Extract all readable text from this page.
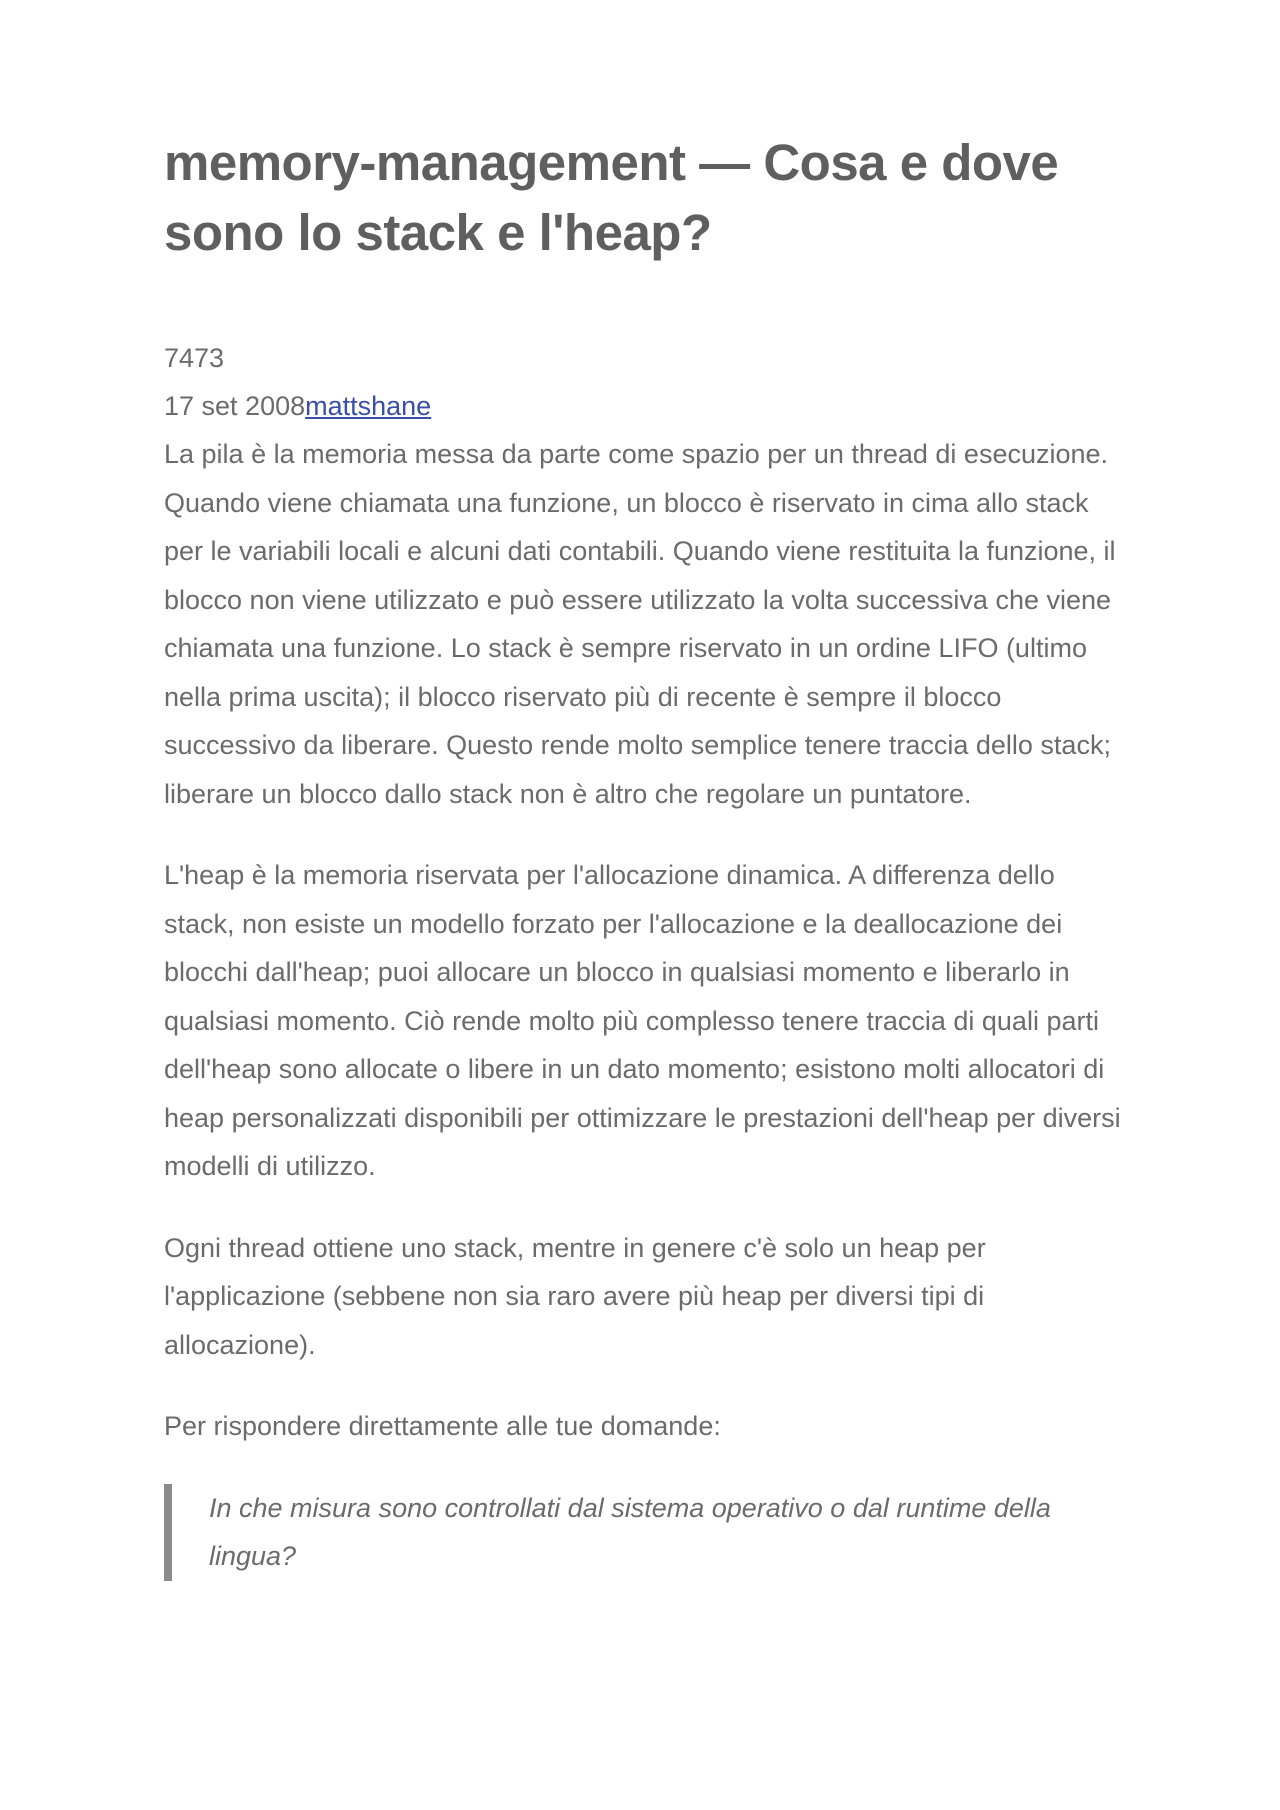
memory-management — Cosa e dove sono lo stack e l'heap?
7473
17 set 2008mattshane

La pila è la memoria messa da parte come spazio per un thread di esecuzione. Quando viene chiamata una funzione, un blocco è riservato in cima allo stack per le variabili locali e alcuni dati contabili. Quando viene restituita la funzione, il blocco non viene utilizzato e può essere utilizzato la volta successiva che viene chiamata una funzione. Lo stack è sempre riservato in un ordine LIFO (ultimo nella prima uscita); il blocco riservato più di recente è sempre il blocco successivo da liberare. Questo rende molto semplice tenere traccia dello stack; liberare un blocco dallo stack non è altro che regolare un puntatore.

L'heap è la memoria riservata per l'allocazione dinamica. A differenza dello stack, non esiste un modello forzato per l'allocazione e la deallocazione dei blocchi dall'heap; puoi allocare un blocco in qualsiasi momento e liberarlo in qualsiasi momento. Ciò rende molto più complesso tenere traccia di quali parti dell'heap sono allocate o libere in un dato momento; esistono molti allocatori di heap personalizzati disponibili per ottimizzare le prestazioni dell'heap per diversi modelli di utilizzo.

Ogni thread ottiene uno stack, mentre in genere c'è solo un heap per l'applicazione (sebbene non sia raro avere più heap per diversi tipi di allocazione).

Per rispondere direttamente alle tue domande:

In che misura sono controllati dal sistema operativo o dal runtime della lingua?
